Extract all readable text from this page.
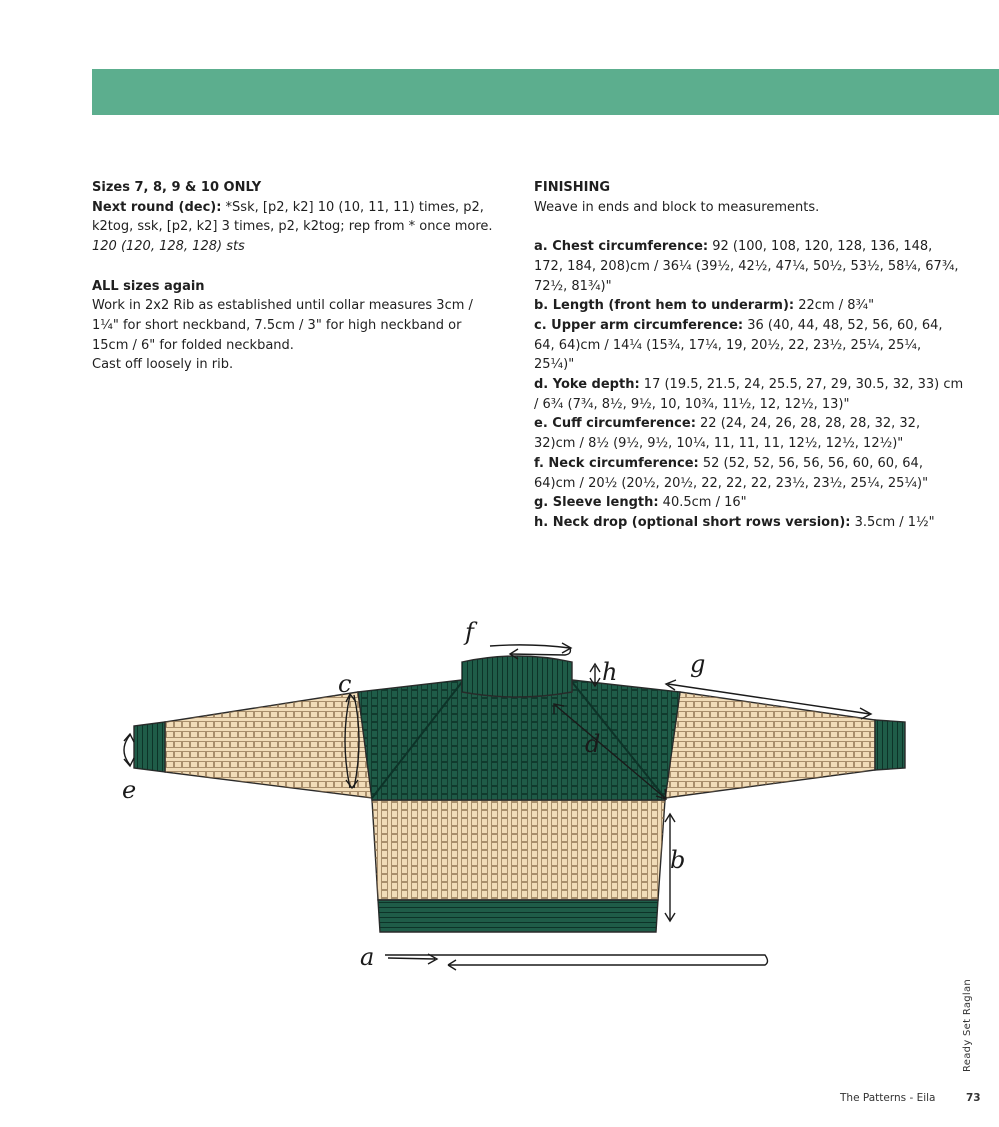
Sizes 7, 8, 9 & 10 ONLY

Next round (dec): *Ssk, [p2, k2] 10 (10, 11, 11) times, p2, k2tog, ssk, [p2, k2] 3 times, p2, k2tog; rep from * once more. 120 (120, 128, 128) sts

ALL sizes again

Work in 2x2 Rib as established until collar measures 3cm / 1¼" for short neckband, 7.5cm / 3" for high neckband or 15cm / 6" for folded neckband.

Cast off loosely in rib.

FINISHING

Weave in ends and block to measurements.

a. Chest circumference: 92 (100, 108, 120, 128, 136, 148, 172, 184, 208)cm / 36¼ (39½, 42½, 47¼, 50½, 53½, 58¼, 67¾, 72½, 81¾)"

b. Length (front hem to underarm): 22cm / 8¾"

c. Upper arm circumference: 36 (40, 44, 48, 52, 56, 60, 64, 64, 64)cm / 14¼ (15¾, 17¼, 19, 20½, 22, 23½, 25¼, 25¼, 25¼)"

d. Yoke depth: 17 (19.5, 21.5, 24, 25.5, 27, 29, 30.5, 32, 33) cm / 6¾ (7¾, 8½, 9½, 10, 10¾, 11½, 12, 12½, 13)"

e. Cuff circumference: 22 (24, 24, 26, 28, 28, 28, 32, 32, 32)cm / 8½ (9½, 9½, 10¼, 11, 11, 11, 12½, 12½, 12½)"

f. Neck circumference: 52 (52, 52, 56, 56, 56, 60, 60, 64, 64)cm / 20½ (20½, 20½, 22, 22, 22, 23½, 23½, 25¼, 25¼)"

g. Sleeve length: 40.5cm / 16"

h. Neck drop (optional short rows version): 3.5cm / 1½"

a
b
c
d
e
f
g
h
Ready Set Raglan
The Patterns - Eila	73
